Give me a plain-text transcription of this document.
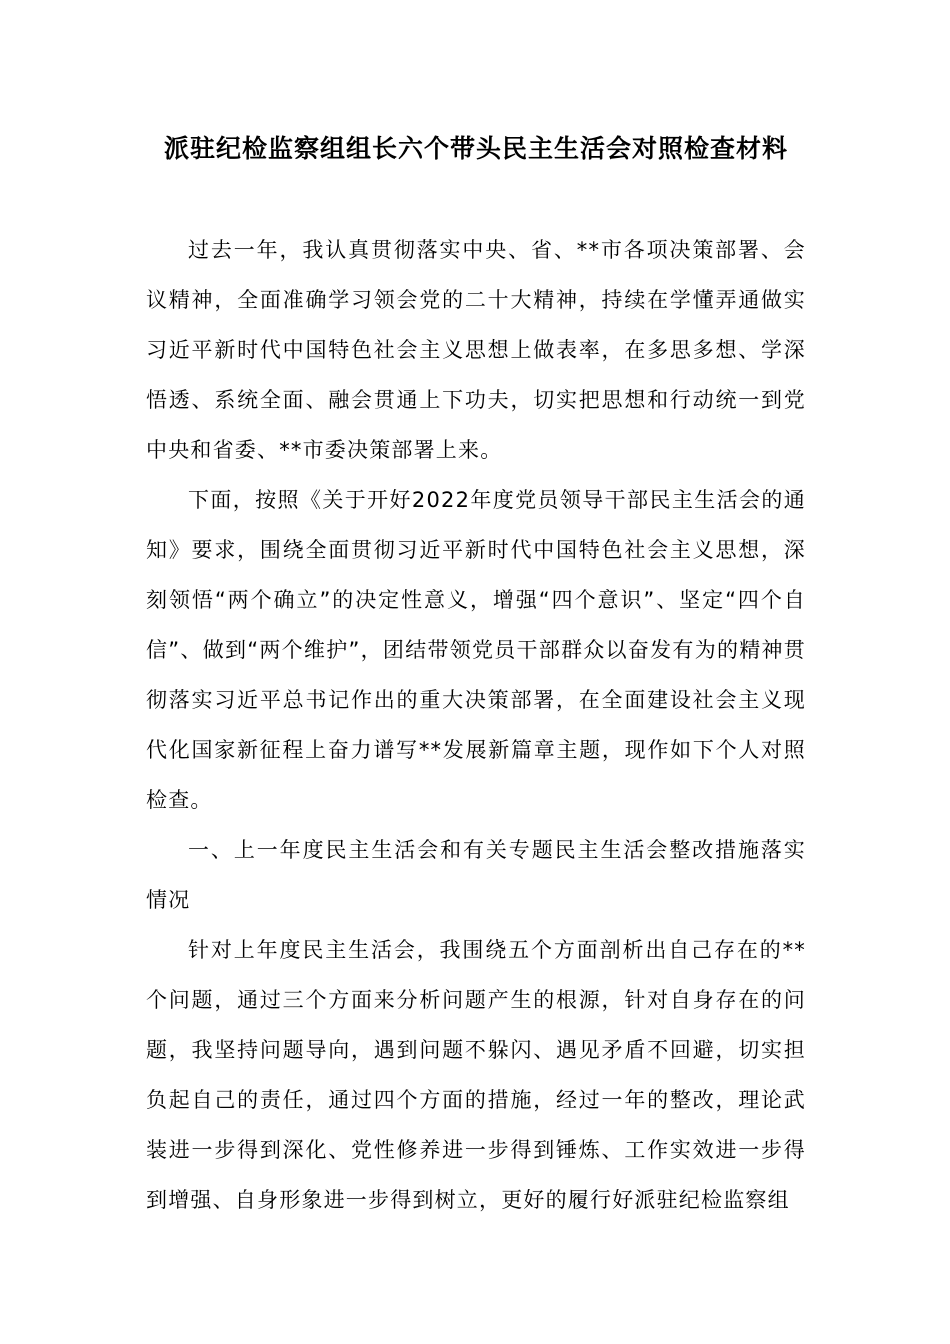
派驻纪检监察组组长六个带头民主生活会对照检查材料

过去一年，我认真贯彻落实中央、省、**市各项决策部署、会议精神，全面准确学习领会党的二十大精神，持续在学懂弄通做实习近平新时代中国特色社会主义思想上做表率，在多思多想、学深悟透、系统全面、融会贯通上下功夫，切实把思想和行动统一到党中央和省委、**市委决策部署上来。

下面，按照《关于开好2022年度党员领导干部民主生活会的通知》要求，围绕全面贯彻习近平新时代中国特色社会主义思想，深刻领悟“两个确立”的决定性意义，增强“四个意识”、坚定“四个自信”、做到“两个维护”，团结带领党员干部群众以奋发有为的精神贯彻落实习近平总书记作出的重大决策部署，在全面建设社会主义现代化国家新征程上奋力谱写**发展新篇章主题，现作如下个人对照检查。

一、上一年度民主生活会和有关专题民主生活会整改措施落实情况

针对上年度民主生活会，我围绕五个方面剖析出自己存在的**个问题，通过三个方面来分析问题产生的根源，针对自身存在的问题，我坚持问题导向，遇到问题不躲闪、遇见矛盾不回避，切实担负起自己的责任，通过四个方面的措施，经过一年的整改，理论武装进一步得到深化、党性修养进一步得到锤炼、工作实效进一步得到增强、自身形象进一步得到树立，更好的履行好派驻纪检监察组
